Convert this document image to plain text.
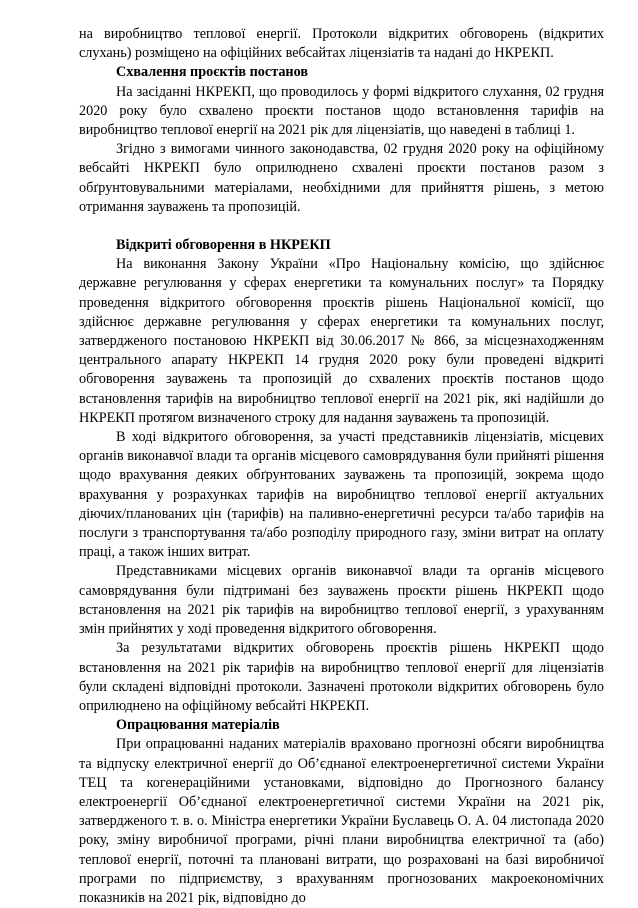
на виробництво теплової енергії. Протоколи відкритих обговорень (відкритих слухань) розміщено на офіційних вебсайтах ліцензіатів та надані до НКРЕКП.

Схвалення проєктів постанов

На засіданні НКРЕКП, що проводилось у формі відкритого слухання, 02 грудня 2020 року було схвалено проєкти постанов щодо встановлення тарифів на виробництво теплової енергії на 2021 рік для ліцензіатів, що наведені в таблиці 1.

Згідно з вимогами чинного законодавства, 02 грудня 2020 року на офіційному вебсайті НКРЕКП було оприлюднено схвалені проєкти постанов разом з обґрунтовувальними матеріалами, необхідними для прийняття рішень, з метою отримання зауважень та пропозицій.

Відкриті обговорення в НКРЕКП

На виконання Закону України «Про Національну комісію, що здійснює державне регулювання у сферах енергетики та комунальних послуг» та Порядку проведення відкритого обговорення проєктів рішень Національної комісії, що здійснює державне регулювання у сферах енергетики та комунальних послуг, затвердженого постановою НКРЕКП від 30.06.2017 № 866, за місцезнаходженням центрального апарату НКРЕКП 14 грудня 2020 року були проведені відкриті обговорення зауважень та пропозицій до схвалених проєктів постанов щодо встановлення тарифів на виробництво теплової енергії на 2021 рік, які надійшли до НКРЕКП протягом визначеного строку для надання зауважень та пропозицій.

В ході відкритого обговорення, за участі представників ліцензіатів, місцевих органів виконавчої влади та органів місцевого самоврядування були прийняті рішення щодо врахування деяких обґрунтованих зауважень та пропозицій, зокрема щодо врахування у розрахунках тарифів на виробництво теплової енергії актуальних діючих/планованих цін (тарифів) на паливно-енергетичні ресурси та/або тарифів на послуги з транспортування та/або розподілу природного газу, зміни витрат на оплату праці, а також інших витрат.

Представниками місцевих органів виконавчої влади та органів місцевого самоврядування були підтримані без зауважень проєкти рішень НКРЕКП щодо встановлення на 2021 рік тарифів на виробництво теплової енергії, з урахуванням змін прийнятих у ході проведення відкритого обговорення.

За результатами відкритих обговорень проєктів рішень НКРЕКП щодо встановлення на 2021 рік тарифів на виробництво теплової енергії для ліцензіатів були складені відповідні протоколи. Зазначені протоколи відкритих обговорень було оприлюднено на офіційному вебсайті НКРЕКП.

Опрацювання матеріалів

При опрацюванні наданих матеріалів враховано прогнозні обсяги виробництва та відпуску електричної енергії до Об’єднаної електроенергетичної системи України ТЕЦ та когенераційними установками, відповідно до Прогнозного балансу електроенергії Об’єднаної електроенергетичної системи України на 2021 рік, затвердженого т. в. о. Міністра енергетики України Буславець О. А. 04 листопада 2020 року, зміну виробничої програми, річні плани виробництва електричної та (або) теплової енергії, поточні та плановані витрати, що розраховані на базі виробничої програми по підприємству, з врахуванням прогнозованих макроекономічних показників на 2021 рік, відповідно до
